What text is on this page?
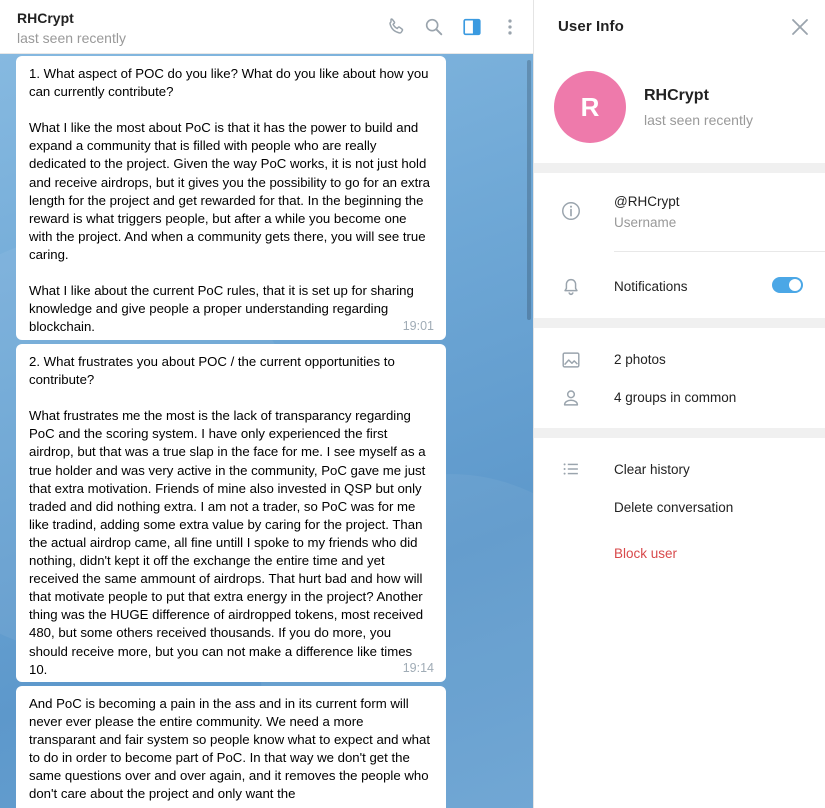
RHCrypt
last seen recently

1. What aspect of POC do you like? What do you like about how you can currently contribute?

What I like the most about PoC is that it has the power to build and expand a community that is filled with people who are really dedicated to the project. Given the way PoC works, it is not just hold and receive airdrops, but it gives you the possibility to go for an extra length for the project and get rewarded for that. In the beginning the reward is what triggers people, but after a while you become one with the project. And when a community gets there, you will see true caring.

What I like about the current PoC rules, that it is set up for sharing knowledge and give people a proper understanding regarding blockchain.	19:01

2. What frustrates you about POC / the current opportunities to contribute?

What frustrates me the most is the lack of transparancy regarding PoC and the scoring system. I have only experienced the first airdrop, but that was a true slap in the face for me. I see myself as a true holder and was very active in the community, PoC gave me just that extra motivation. Friends of mine also invested in QSP but only traded and did nothing extra. I am not a trader, so PoC was for me like tradind, adding some extra value by caring for the project. Than the actual airdrop came, all fine untill I spoke to my friends who did nothing, didn't kept it off the exchange the entire time and yet received the same ammount of airdrops. That hurt bad and how will that motivate people to put that extra energy in the project? Another thing was the HUGE difference of airdropped tokens, most received 480, but some others received thousands. If you do more, you should receive more, but you can not make a difference like times 10.	19:14

And PoC is becoming a pain in the ass and in its current form will never ever please the entire community. We need a more transparant and fair system so people know what to expect and what to do in order to become part of PoC. In that way we don't get the same questions over and over again, and it removes the people who don't care about the project and only want the

User Info
R	RHCrypt
last seen recently
@RHCrypt
Username
Notifications
2 photos
4 groups in common
Clear history
Delete conversation
Block user
